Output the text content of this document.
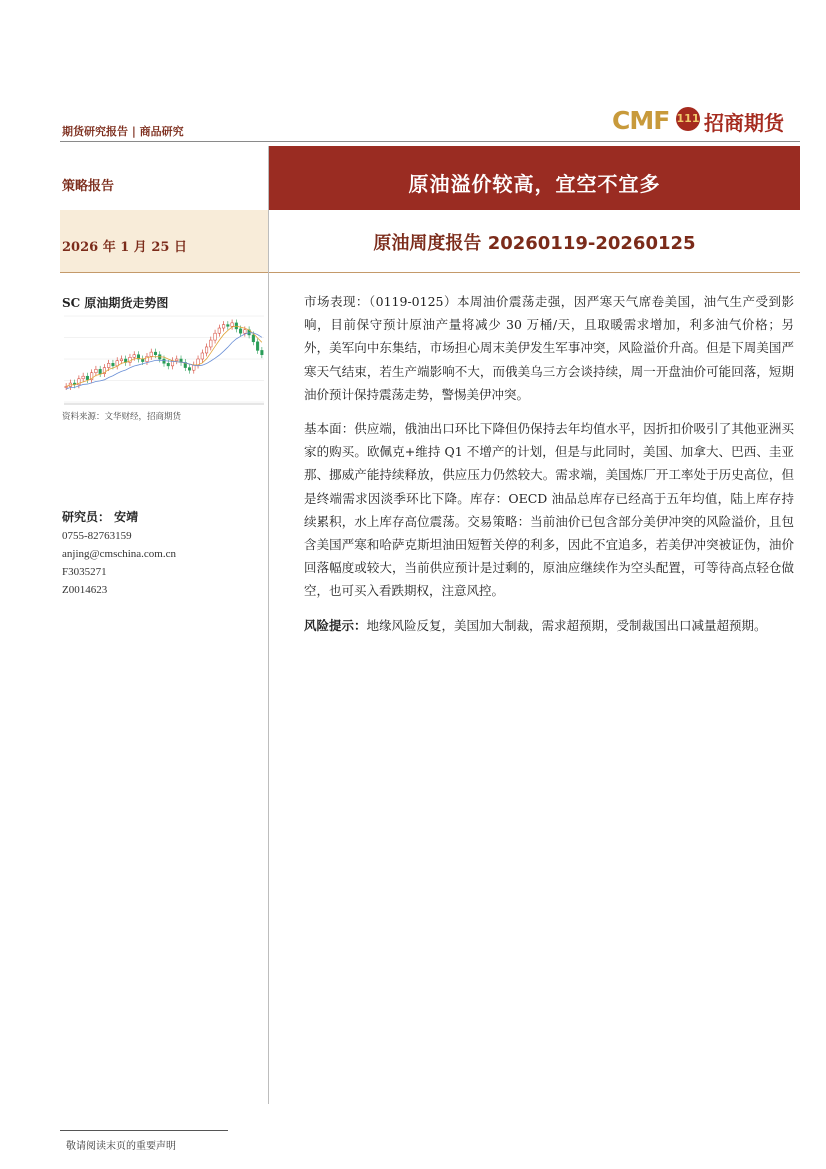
期货研究报告 | 商品研究	CMF 111 招商期货
策略报告	原油溢价较高，宜空不宜多
2026 年 1 月 25 日	原油周度报告 20260119-20260125
SC 原油期货走势图
资料来源：文华财经，招商期货
研究员： 安靖
0755-82763159
anjing@cmschina.com.cn
F3035271
Z0014623

市场表现：（0119-0125）本周油价震荡走强，因严寒天气席卷美国，油气生产受到影响，目前保守预计原油产量将减少 30 万桶/天，且取暖需求增加，利多油气价格；另外，美军向中东集结，市场担心周末美伊发生军事冲突，风险溢价升高。但是下周美国严寒天气结束，若生产端影响不大，而俄美乌三方会谈持续，周一开盘油价可能回落，短期油价预计保持震荡走势，警惕美伊冲突。

基本面：供应端，俄油出口环比下降但仍保持去年均值水平，因折扣价吸引了其他亚洲买家的购买。欧佩克+维持 Q1 不增产的计划，但是与此同时，美国、加拿大、巴西、圭亚那、挪威产能持续释放，供应压力仍然较大。需求端，美国炼厂开工率处于历史高位，但是终端需求因淡季环比下降。库存：OECD 油品总库存已经高于五年均值，陆上库存持续累积，水上库存高位震荡。交易策略：当前油价已包含部分美伊冲突的风险溢价，且包含美国严寒和哈萨克斯坦油田短暂关停的利多，因此不宜追多，若美伊冲突被证伪，油价回落幅度或较大，当前供应预计是过剩的，原油应继续作为空头配置，可等待高点轻仓做空，也可买入看跌期权，注意风控。

风险提示：地缘风险反复，美国加大制裁，需求超预期，受制裁国出口减量超预期。

敬请阅读末页的重要声明
